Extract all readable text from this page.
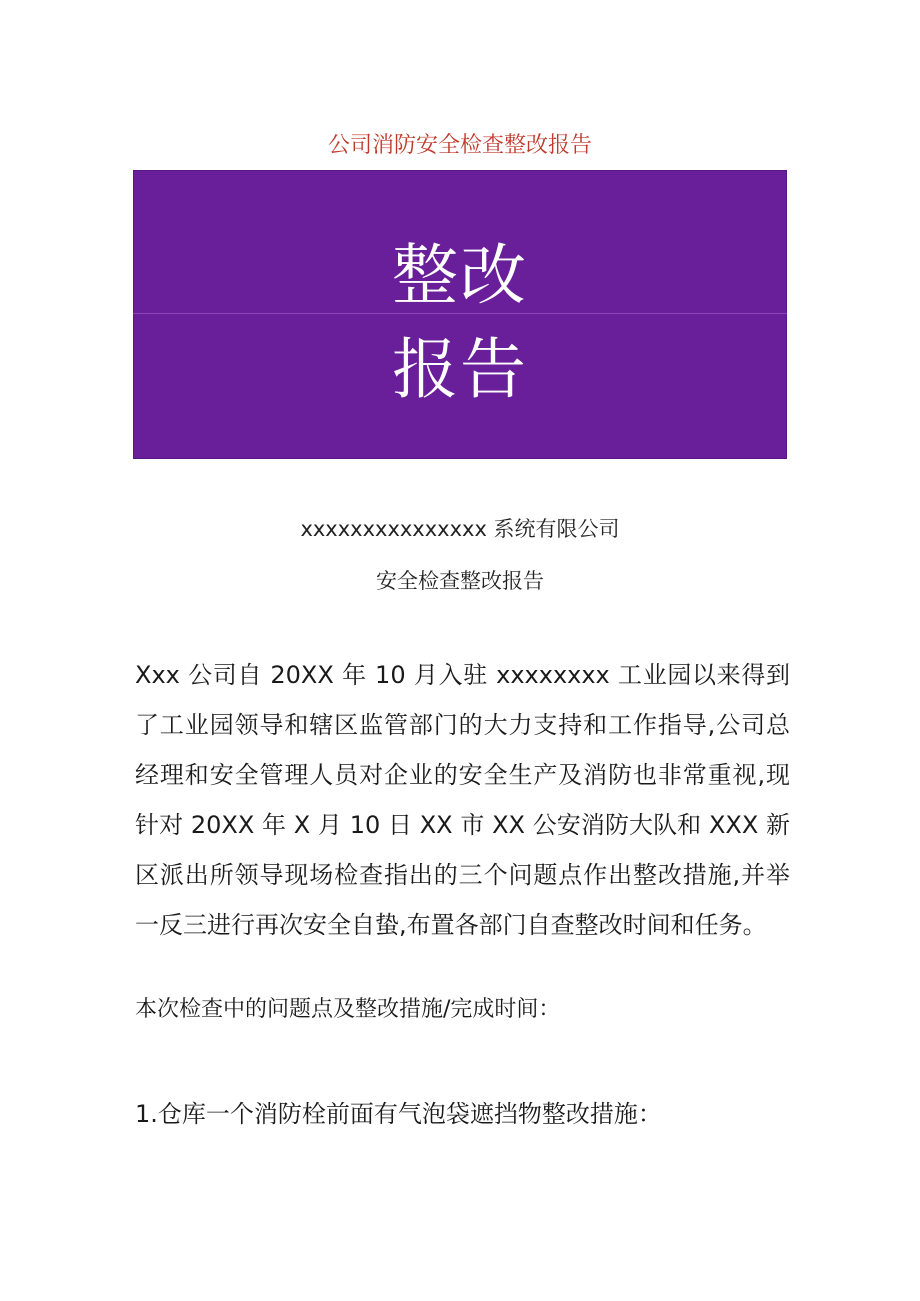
公司消防安全检查整改报告
整改
报告
xxxxxxxxxxxxxxx 系统有限公司
安全检查整改报告
Xxx 公司自 20XX 年 10 月入驻 xxxxxxxx 工业园以来得到了工业园领导和辖区监管部门的大力支持和工作指导,公司总经理和安全管理人员对企业的安全生产及消防也非常重视,现针对 20XX 年 X 月 10 日 XX 市 XX 公安消防大队和 XXX 新区派出所领导现场检查指出的三个问题点作出整改措施,并举一反三进行再次安全自蛰,布置各部门自查整改时间和任务。
本次检查中的问题点及整改措施/完成时间：
1.仓库一个消防栓前面有气泡袋遮挡物整改措施：
